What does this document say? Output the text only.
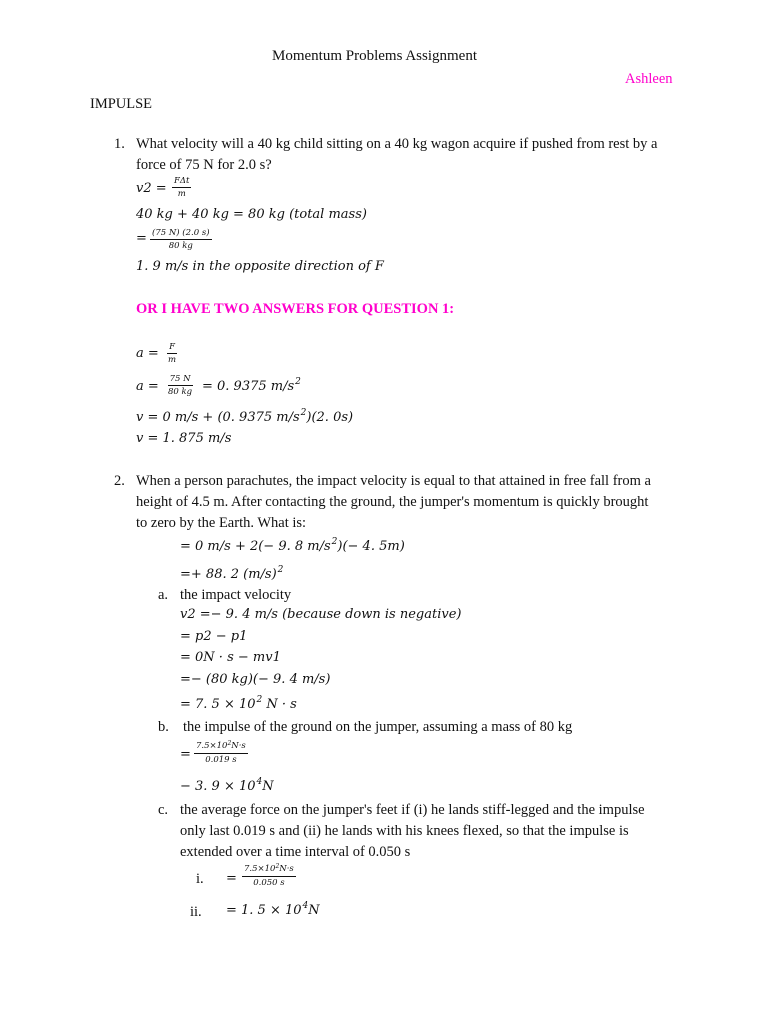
Momentum Problems Assignment
Ashleen
IMPULSE
1. What velocity will a 40 kg child sitting on a 40 kg wagon acquire if pushed from rest by a
force of 75 N for 2.0 s?
v2 = FΔt
m
40 kg + 40 kg = 80 kg (total mass)
= $\frac{(75 N) (2.0 s)}{80 kg}$
1. 9 m/s in the opposite direction of F
OR I HAVE TWO ANSWERS FOR QUESTION 1:
$a = \frac{F}{m}$
$a = \frac{75 N}{80 kg} = 0$. 9375 $m/s^2$
v = 0 m/s + (0. 9375 $m/s^2)(2$. 0s)
v = 1. 875 m/s
2. When a person parachutes, the impact velocity is equal to that attained in free fall from a
height of 4.5 m. After contacting the ground, the jumper's momentum is quickly brought
to zero by the Earth. What is:
= 0 m/s + 2(− 9. 8 $m/s^2)(- 4$. 5m)
=+ 88. 2 $(m/s)^2$
a. the impact velocity
v2 =− 9. 4 m/s (because down is negative)
= p2 − p1
= 0N · s − mv1
=− (80 kg)(− 9. 4 m/s)
= 7. $5 \times 10^2$ N · s
b. the impulse of the ground on the jumper, assuming a mass of 80 kg
= $\frac{7.5\times 10^2N\cdot s}{0.019 s}$
− 3. $9 \times 10^4N$
c. the average force on the jumper's feet if (i) he lands stiff-legged and the impulse
only last 0.019 s and (ii) he lands with his knees flexed, so that the impulse is
extended over a time interval of 0.050 s
i. = $\frac{7.5\times 10^2N\cdot s}{0.050 s}$
ii. = 1. $5 \times 10^4N$
